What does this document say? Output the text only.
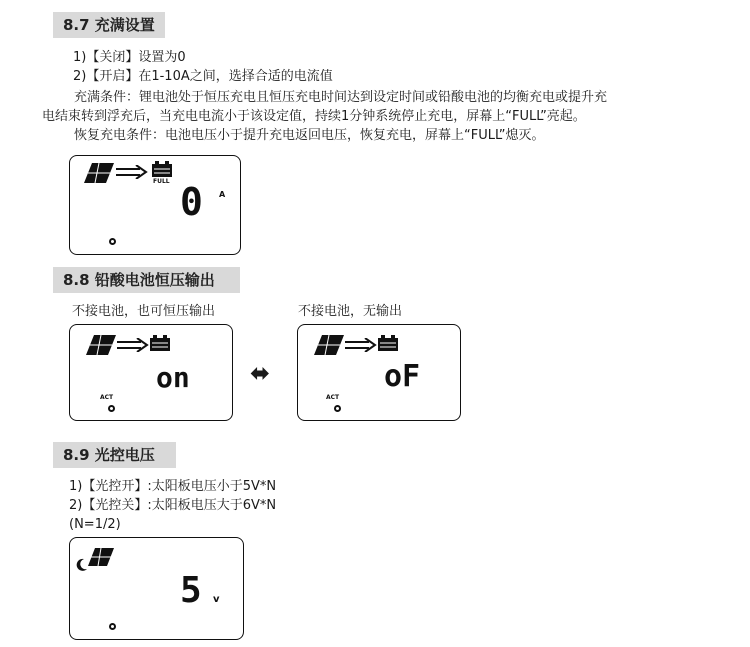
8.7 充满设置
1)【关闭】设置为0
2)【开启】在1-10A之间，选择合适的电流值
充满条件：锂电池处于恒压充电且恒压充电时间达到设定时间或铅酸电池的均衡充电或提升充
电结束转到浮充后，当充电电流小于该设定值，持续1分钟系统停止充电，屏幕上“FULL”亮起。
恢复充电条件：电池电压小于提升充电返回电压，恢复充电，屏幕上“FULL”熄灭。
FULL 0 A
8.8 铅酸电池恒压输出
不接电池，也可恒压输出	不接电池，无输出
on
ACT
⬌	oF
ACT
8.9 光控电压
1)【光控开】:太阳板电压小于5V*N
2)【光控关】:太阳板电压大于6V*N
(N=1/2)
5 v
